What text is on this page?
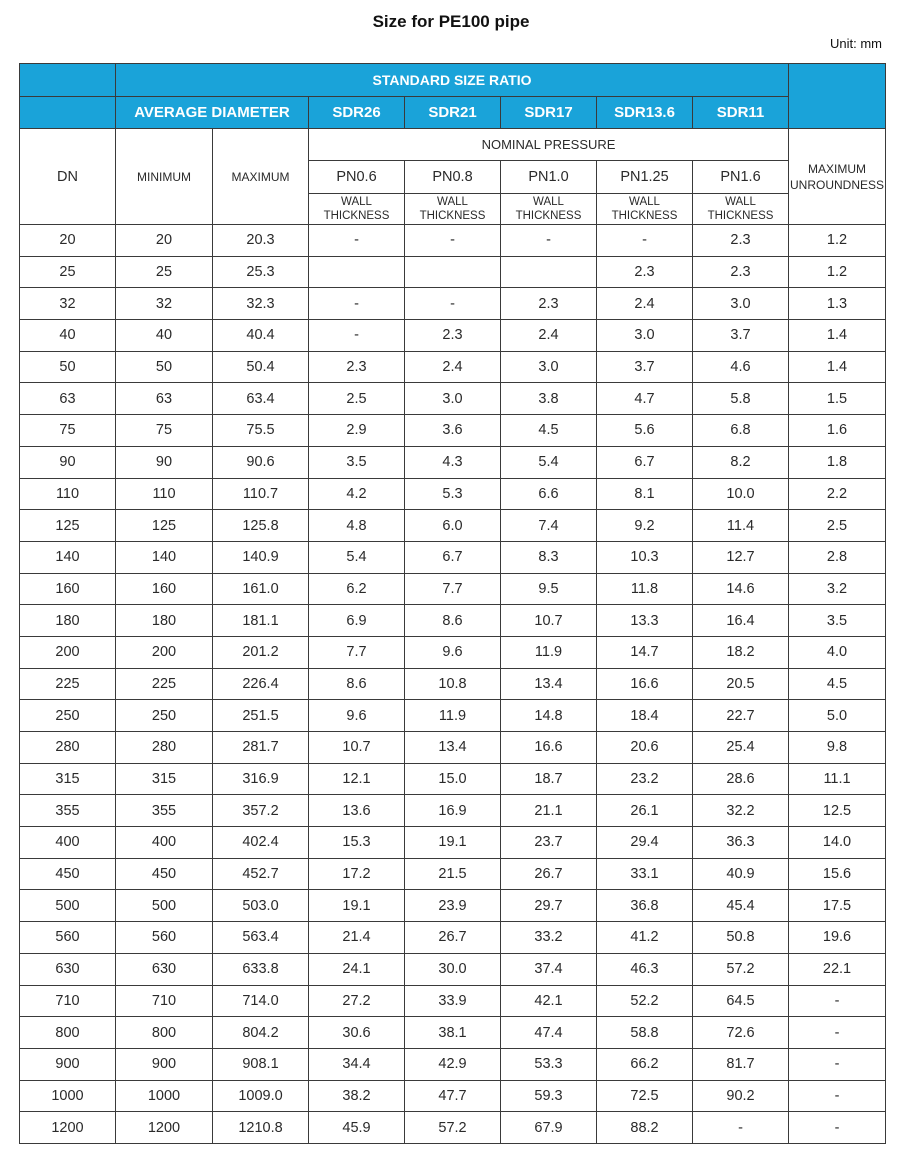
Size for PE100 pipe
Unit: mm
	STANDARD SIZE RATIO							
	AVERAGE DIAMETER		SDR26	SDR21	SDR17	SDR13.6	SDR11	
DN	MINIMUM	MAXIMUM	NOMINAL PRESSURE					MAXIMUM UNROUNDNESS
			PN0.6	PN0.8	PN1.0	PN1.25	PN1.6	
			WALL THICKNESS	WALL THICKNESS	WALL THICKNESS	WALL THICKNESS	WALL THICKNESS	
20	20	20.3	-	-	-	-	2.3	1.2
25	25	25.3				2.3	2.3	1.2
32	32	32.3	-	-	2.3	2.4	3.0	1.3
40	40	40.4	-	2.3	2.4	3.0	3.7	1.4
50	50	50.4	2.3	2.4	3.0	3.7	4.6	1.4
63	63	63.4	2.5	3.0	3.8	4.7	5.8	1.5
75	75	75.5	2.9	3.6	4.5	5.6	6.8	1.6
90	90	90.6	3.5	4.3	5.4	6.7	8.2	1.8
110	110	110.7	4.2	5.3	6.6	8.1	10.0	2.2
125	125	125.8	4.8	6.0	7.4	9.2	11.4	2.5
140	140	140.9	5.4	6.7	8.3	10.3	12.7	2.8
160	160	161.0	6.2	7.7	9.5	11.8	14.6	3.2
180	180	181.1	6.9	8.6	10.7	13.3	16.4	3.5
200	200	201.2	7.7	9.6	11.9	14.7	18.2	4.0
225	225	226.4	8.6	10.8	13.4	16.6	20.5	4.5
250	250	251.5	9.6	11.9	14.8	18.4	22.7	5.0
280	280	281.7	10.7	13.4	16.6	20.6	25.4	9.8
315	315	316.9	12.1	15.0	18.7	23.2	28.6	11.1
355	355	357.2	13.6	16.9	21.1	26.1	32.2	12.5
400	400	402.4	15.3	19.1	23.7	29.4	36.3	14.0
450	450	452.7	17.2	21.5	26.7	33.1	40.9	15.6
500	500	503.0	19.1	23.9	29.7	36.8	45.4	17.5
560	560	563.4	21.4	26.7	33.2	41.2	50.8	19.6
630	630	633.8	24.1	30.0	37.4	46.3	57.2	22.1
710	710	714.0	27.2	33.9	42.1	52.2	64.5	-
800	800	804.2	30.6	38.1	47.4	58.8	72.6	-
900	900	908.1	34.4	42.9	53.3	66.2	81.7	-
1000	1000	1009.0	38.2	47.7	59.3	72.5	90.2	-
1200	1200	1210.8	45.9	57.2	67.9	88.2	-	-
